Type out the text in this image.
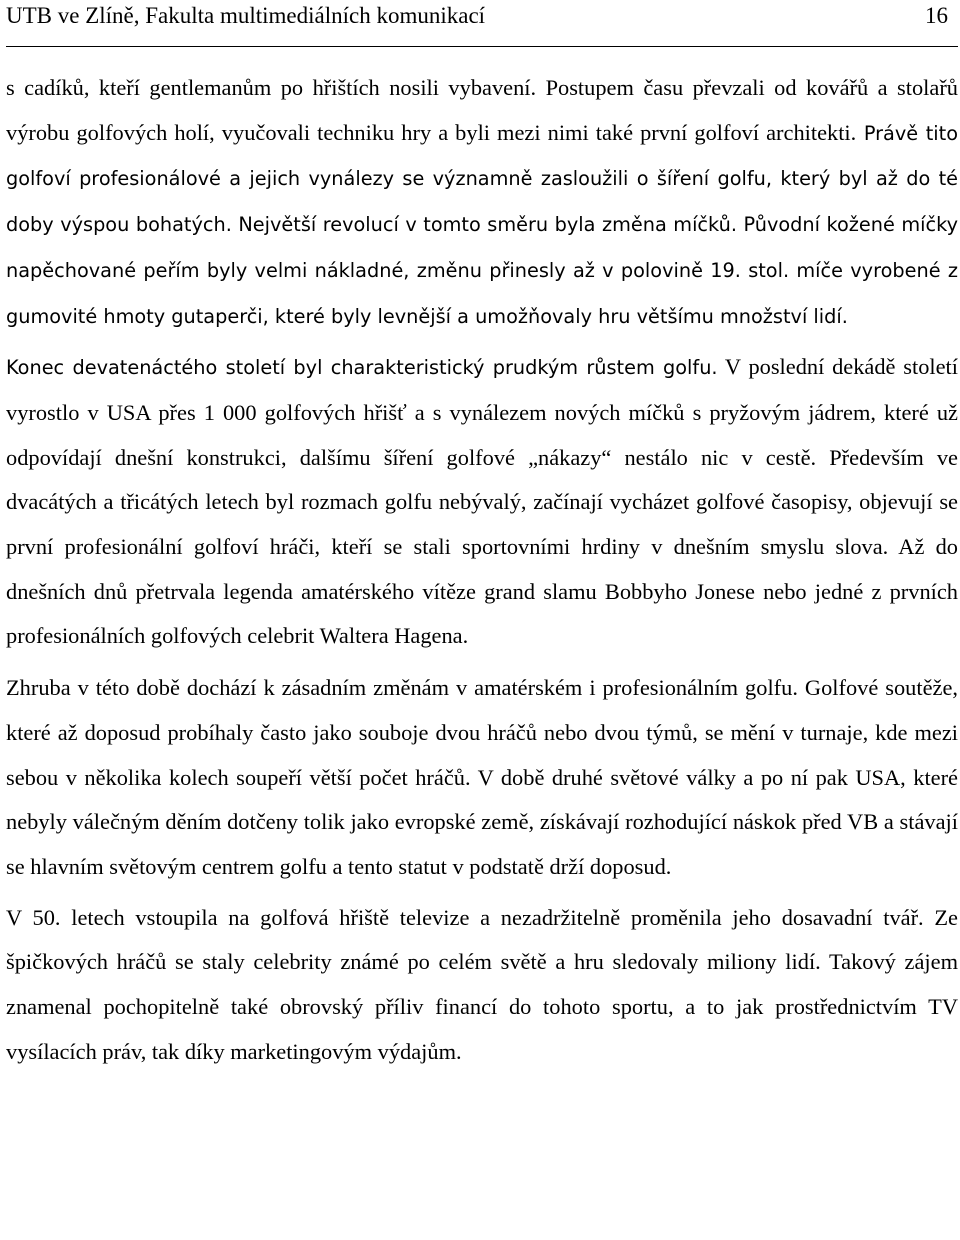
UTB ve Zlíně, Fakulta multimediálních komunikací	16

s cadíků, kteří gentlemanům po hřištích nosili vybavení. Postupem času převzali od kovářů a stolařů výrobu golfových holí, vyučovali techniku hry a byli mezi nimi také první golfoví architekti. Právě tito golfoví profesionálové a jejich vynálezy se významně zasloužili o šíření golfu, který byl až do té doby výspou bohatých. Největší revolucí v tomto směru byla změna míčků. Původní kožené míčky napěchované peřím byly velmi nákladné, změnu přinesly až v polovině 19. stol. míče vyrobené z gumovité hmoty gutaperči, které byly levnější a umožňovaly hru většímu množství lidí.

Konec devatenáctého století byl charakteristický prudkým růstem golfu. V poslední dekádě století vyrostlo v USA přes 1 000 golfových hřišť a s vynálezem nových míčků s pryžovým jádrem, které už odpovídají dnešní konstrukci, dalšímu šíření golfové „nákazy“ nestálo nic v cestě. Především ve dvacátých a třicátých letech byl rozmach golfu nebývalý, začínají vycházet golfové časopisy, objevují se první profesionální golfoví hráči, kteří se stali sportovními hrdiny v dnešním smyslu slova. Až do dnešních dnů přetrvala legenda amatérského vítěze grand slamu Bobbyho Jonese nebo jedné z prvních profesionálních golfových celebrit Waltera Hagena.

Zhruba v této době dochází k zásadním změnám v amatérském i profesionálním golfu. Golfové soutěže, které až doposud probíhaly často jako souboje dvou hráčů nebo dvou týmů, se mění v turnaje, kde mezi sebou v několika kolech soupeří větší počet hráčů. V době druhé světové války a po ní pak USA, které nebyly válečným děním dotčeny tolik jako evropské země, získávají rozhodující náskok před VB a stávají se hlavním světovým centrem golfu a tento statut v podstatě drží doposud.

V 50. letech vstoupila na golfová hřiště televize a nezadržitelně proměnila jeho dosavadní tvář. Ze špičkových hráčů se staly celebrity známé po celém světě a hru sledovaly miliony lidí. Takový zájem znamenal pochopitelně také obrovský příliv financí do tohoto sportu, a to jak prostřednictvím TV vysílacích práv, tak díky marketingovým výdajům.
